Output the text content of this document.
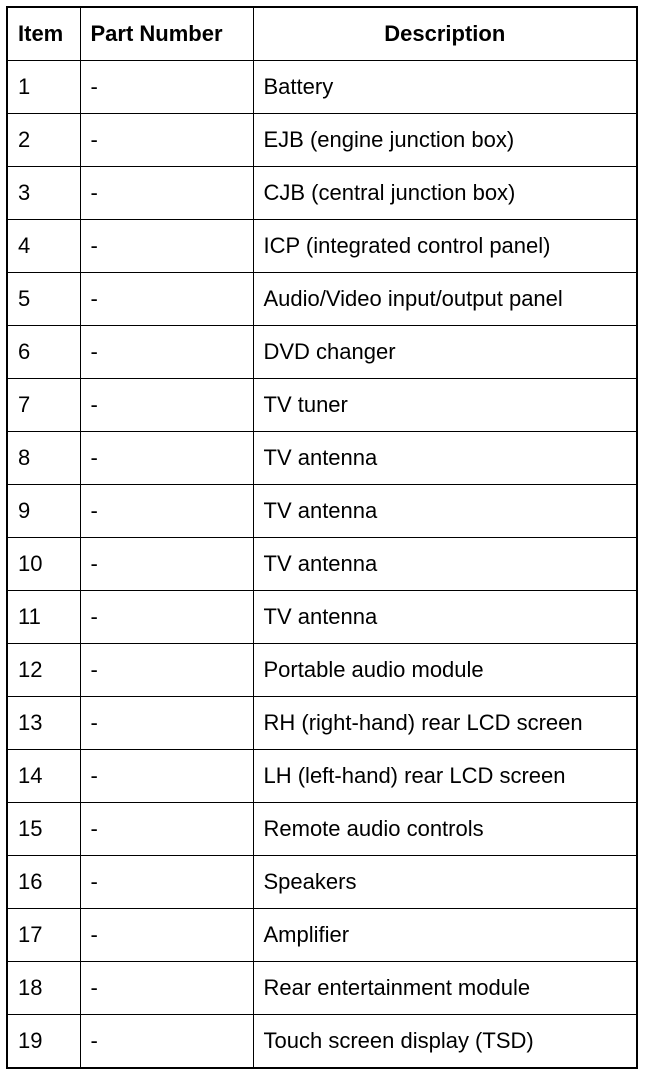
Item	Part Number	Description
1	-	Battery
2	-	EJB (engine junction box)
3	-	CJB (central junction box)
4	-	ICP (integrated control panel)
5	-	Audio/Video input/output panel
6	-	DVD changer
7	-	TV tuner
8	-	TV antenna
9	-	TV antenna
10	-	TV antenna
11	-	TV antenna
12	-	Portable audio module
13	-	RH (right-hand) rear LCD screen
14	-	LH (left-hand) rear LCD screen
15	-	Remote audio controls
16	-	Speakers
17	-	Amplifier
18	-	Rear entertainment module
19	-	Touch screen display (TSD)
